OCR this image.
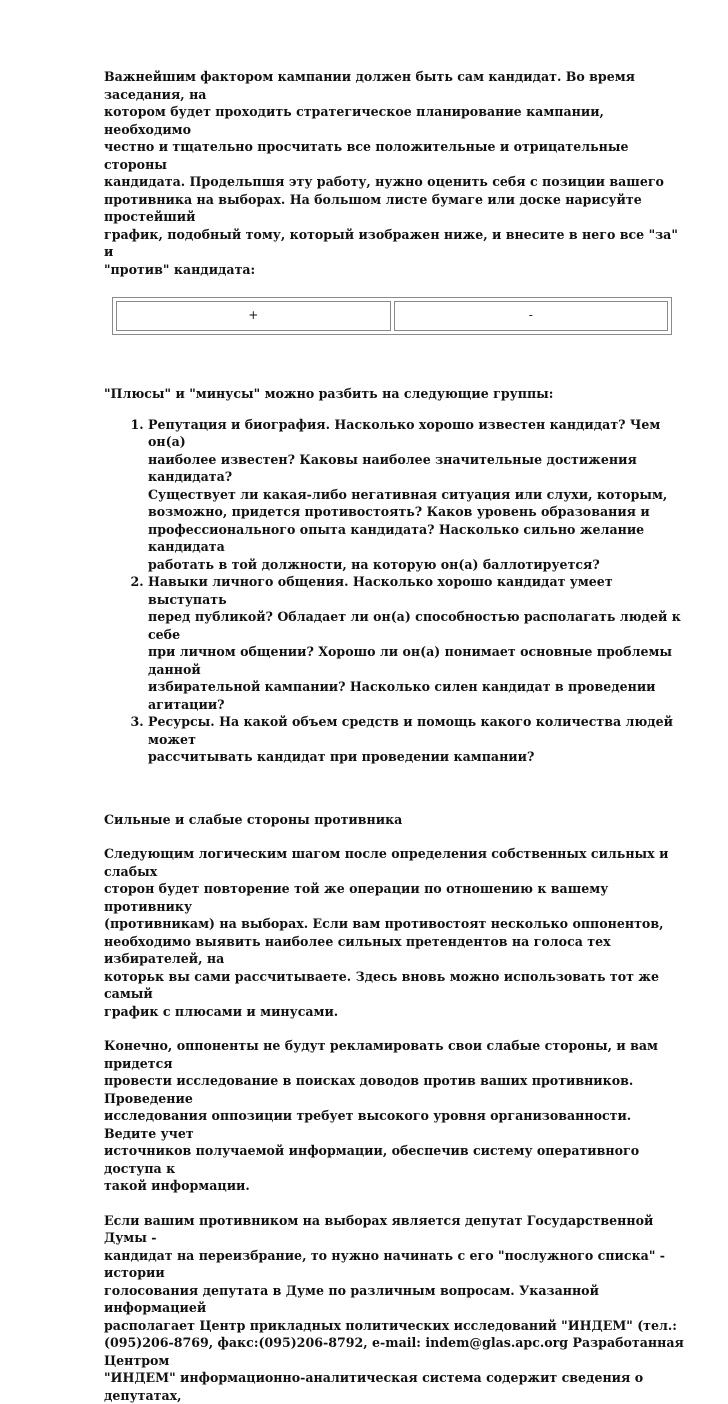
Важнейшим фактором кампании должен быть сам кандидат. Во время заседания, на
котором будет проходить стратегическое планирование кампании, необходимо
честно и тщательно просчитать все положительные и отрицательные стороны
кандидата. Продельпшя эту работу, нужно оценить себя с позиции вашего
противника на выборах. На большом листе бумаге или доске нарисуйте простейший
график, подобный тому, который изображен ниже, и внесите в него все "за" и
"против" кандидата:

+	-

"Плюсы" и "минусы" можно разбить на следующие группы:

1. Репутация и биография. Насколько хорошо известен кандидат? Чем он(а)
наиболее известен? Каковы наиболее значительные достижения кандидата?
Существует ли какая-либо негативная ситуация или слухи, которым,
возможно, придется противостоять? Каков уровень образования и
профессионального опыта кандидата? Насколько сильно желание кандидата
работать в той должности, на которую он(а) баллотируется?
2. Навыки личного общения. Насколько хорошо кандидат умеет выступать
перед публикой? Обладает ли он(а) способностью располагать людей к себе
при личном общении? Хорошо ли он(а) понимает основные проблемы данной
избирательной кампании? Насколько силен кандидат в проведении
агитации?
3. Ресурсы. На какой объем средств и помощь какого количества людей может
рассчитывать кандидат при проведении кампании?

Сильные и слабые стороны противника

Следующим логическим шагом после определения собственных сильных и слабых
сторон будет повторение той же операции по отношению к вашему противнику
(противникам) на выборах. Если вам противостоят несколько оппонентов,
необходимо выявить наиболее сильных претендентов на голоса тех избирателей, на
которьк вы сами рассчитываете. Здесь вновь можно использовать тот же самый
график с плюсами и минусами.

Конечно, оппоненты не будут рекламировать свои слабые стороны, и вам придется
провести исследование в поисках доводов против ваших противников. Проведение
исследования оппозиции требует высокого уровня организованности. Ведите учет
источников получаемой информации, обеспечив систему оперативного доступа к
такой информации.

Если вашим противником на выборах является депутат Государственной Думы -
кандидат на переизбрание, то нужно начинать с его "послужного списка" - истории
голосования депутата в Думе по различным вопросам. Указанной информацией
располагает Центр прикладных политических исследований "ИНДЕМ" (тел.:
(095)206-8769, факс:(095)206-8792, e-mail: indem@glas.apc.org Разработанная Центром
"ИНДЕМ" информационно-аналитическая система содержит сведения о депутатах,
